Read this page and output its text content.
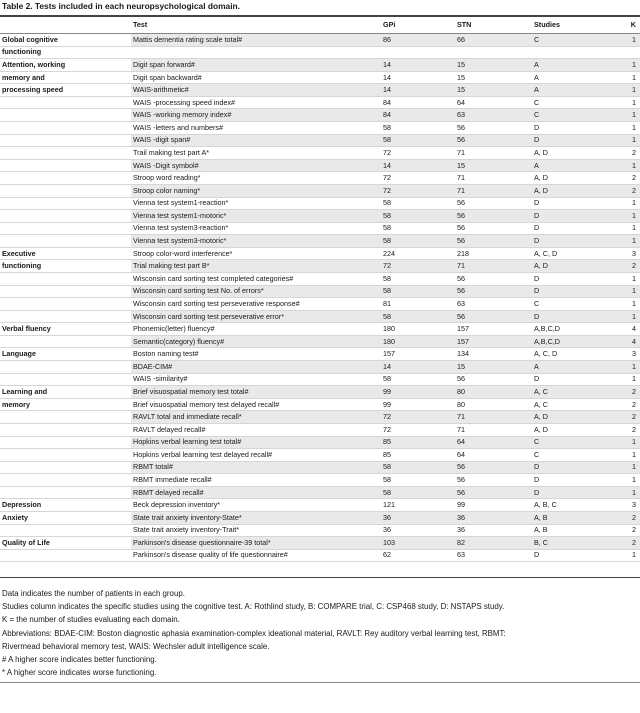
Table 2. Tests included in each neuropsychological domain.
	Test	GPi	STN	Studies	K
Global cognitive	Mattis dementia rating scale total#	86	66	C	1
functioning					
Attention, working	Digit span forward#	14	15	A	1
memory and	Digit span backward#	14	15	A	1
processing speed	WAIS-arithmetic#	14	15	A	1
	WAIS -processing speed index#	84	64	C	1
	WAIS -working memory index#	84	63	C	1
	WAIS -letters and numbers#	58	56	D	1
	WAIS -digit span#	58	56	D	1
	Trail making test part A*	72	71	A, D	2
	WAIS -Digit symbol#	14	15	A	1
	Stroop word reading*	72	71	A, D	2
	Stroop color naming*	72	71	A, D	2
	Vienna test system1-reaction*	58	56	D	1
	Vienna test system1-motoric*	58	56	D	1
	Vienna test system3-reaction*	58	56	D	1
	Vienna test system3-motoric*	58	56	D	1
Executive	Stroop color-word interference*	224	218	A, C, D	3
functioning	Trial making test part B*	72	71	A, D	2
	Wisconsin card sorting test completed categories#	58	56	D	1
	Wisconsin card sorting test No. of errors*	58	56	D	1
	Wisconsin card sorting test perseverative response#	81	63	C	1
	Wisconsin card sorting test perseverative error*	58	56	D	1
Verbal fluency	Phonemic(letter) fluency#	180	157	A,B,C,D	4
	Semantic(category) fluency#	180	157	A,B,C,D	4
Language	Boston naming test#	157	134	A, C, D	3
	BDAE-CIM#	14	15	A	1
	WAIS -similarity#	58	56	D	1
Learning and	Brief visuospatial memory test total#	99	80	A, C	2
memory	Brief visuospatial memory test delayed recall#	99	80	A, C	2
	RAVLT total and immediate recall*	72	71	A, D	2
	RAVLT delayed recall#	72	71	A, D	2
	Hopkins verbal learning test total#	85	64	C	1
	Hopkins verbal learning test delayed recall#	85	64	C	1
	RBMT total#	58	56	D	1
	RBMT immediate recall#	58	56	D	1
	RBMT delayed recall#	58	56	D	1
Depression	Beck depression inventory*	121	99	A, B, C	3
Anxiety	State trait anxiety inventory-State*	36	36	A, B	2
	State trait anxiety inventory-Trait*	36	36	A, B	2
Quality of Life	Parkinson's disease questionnaire-39 total*	103	82	B, C	2
	Parkinson's disease quality of life questionnaire#	62	63	D	1
Data indicates the number of patients in each group.
Studies column indicates the specific studies using the cognitive test. A: Rothlind study, B: COMPARE trial, C: CSP468 study, D: NSTAPS study.
K = the number of studies evaluating each domain.
Abbreviations: BDAE-CIM: Boston diagnostic aphasia examination-complex ideational material, RAVLT: Rey auditory verbal learning test, RBMT:
Rivermead behavioral memory test, WAIS: Wechsler adult intelligence scale.
# A higher score indicates better functioning.
* A higher score indicates worse functioning.
